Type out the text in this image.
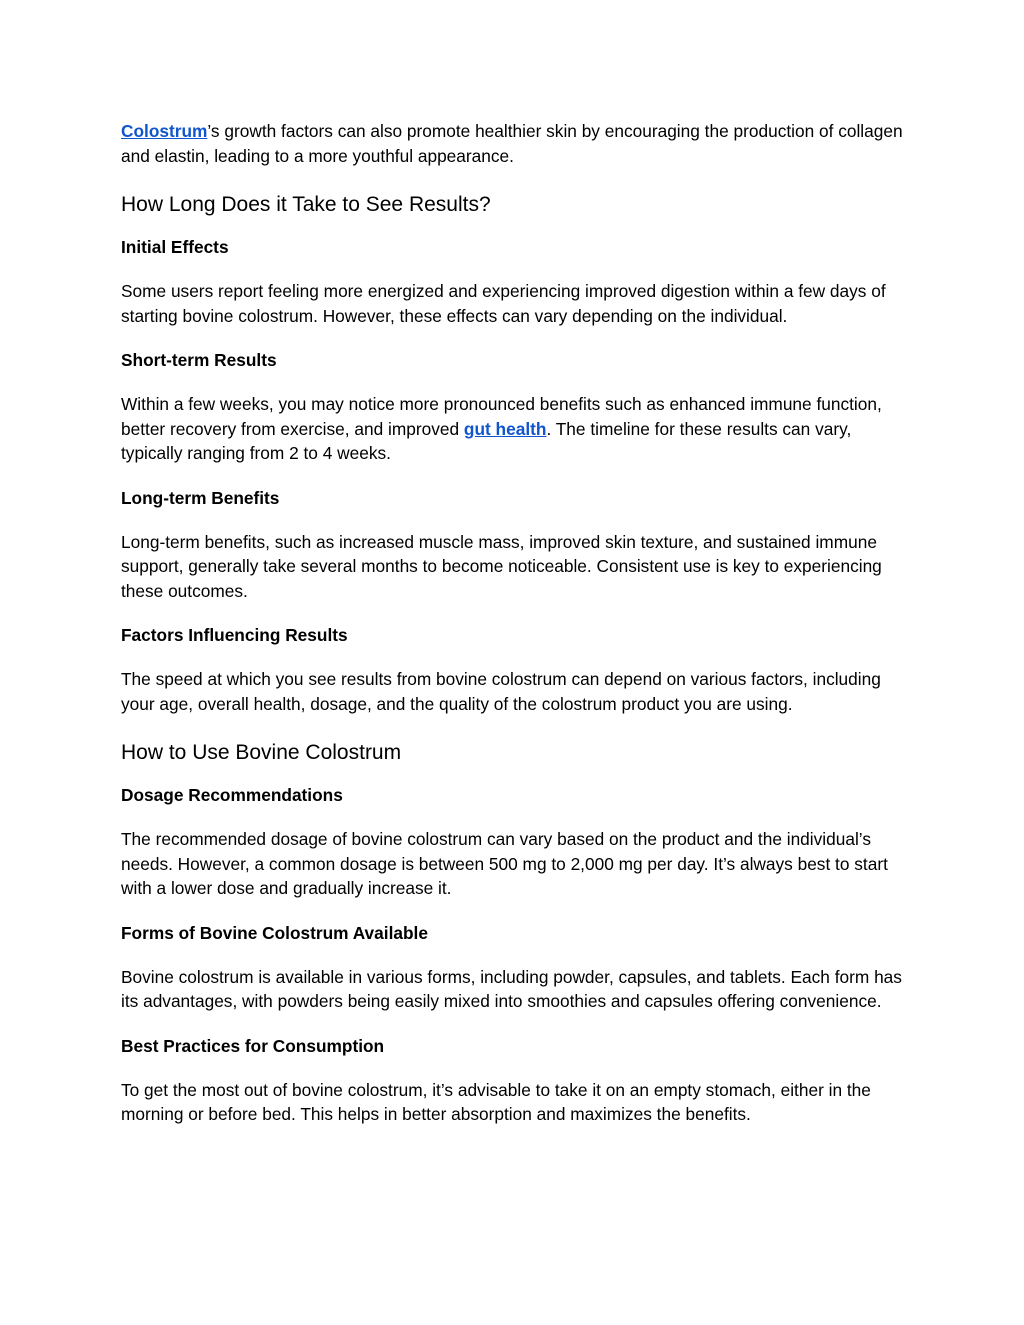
Colostrum’s growth factors can also promote healthier skin by encouraging the production of collagen and elastin, leading to a more youthful appearance.

How Long Does it Take to See Results?
Initial Effects

Some users report feeling more energized and experiencing improved digestion within a few days of starting bovine colostrum. However, these effects can vary depending on the individual.

Short-term Results

Within a few weeks, you may notice more pronounced benefits such as enhanced immune function, better recovery from exercise, and improved gut health. The timeline for these results can vary, typically ranging from 2 to 4 weeks.

Long-term Benefits

Long-term benefits, such as increased muscle mass, improved skin texture, and sustained immune support, generally take several months to become noticeable. Consistent use is key to experiencing these outcomes.

Factors Influencing Results

The speed at which you see results from bovine colostrum can depend on various factors, including your age, overall health, dosage, and the quality of the colostrum product you are using.

How to Use Bovine Colostrum
Dosage Recommendations

The recommended dosage of bovine colostrum can vary based on the product and the individual’s needs. However, a common dosage is between 500 mg to 2,000 mg per day. It’s always best to start with a lower dose and gradually increase it.

Forms of Bovine Colostrum Available

Bovine colostrum is available in various forms, including powder, capsules, and tablets. Each form has its advantages, with powders being easily mixed into smoothies and capsules offering convenience.

Best Practices for Consumption

To get the most out of bovine colostrum, it’s advisable to take it on an empty stomach, either in the morning or before bed. This helps in better absorption and maximizes the benefits.
